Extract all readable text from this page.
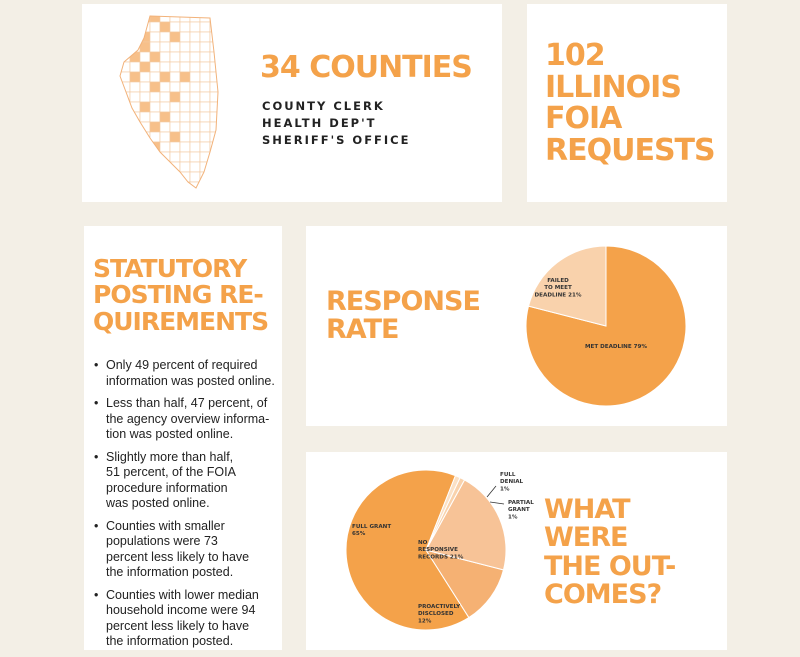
34 COUNTIES
COUNTY CLERK
HEALTH DEP'T
SHERIFF'S OFFICE
102
ILLINOIS
FOIA
REQUESTS
STATUTORY
POSTING RE-
QUIREMENTS
• Only 49 percent of required
information was posted online.
• Less than half, 47 percent, of
the agency overview informa-
tion was posted online.
• Slightly more than half,
51 percent, of the FOIA
procedure information
was posted online.
• Counties with smaller
populations were 73
percent less likely to have
the information posted.
• Counties with lower median
household income were 94
percent less likely to have
the information posted.
RESPONSE
RATE
MET DEADLINE 79%
FAILED TO MEET DEADLINE 21%
FULL GRANT 65%
PROACTIVELY DISCLOSED 12%
NO RESPONSIVE RECORDS 21%
PARTIAL GRANT 1%
FULL DENIAL 1%
WHAT WERE
THE OUT-
COMES?
